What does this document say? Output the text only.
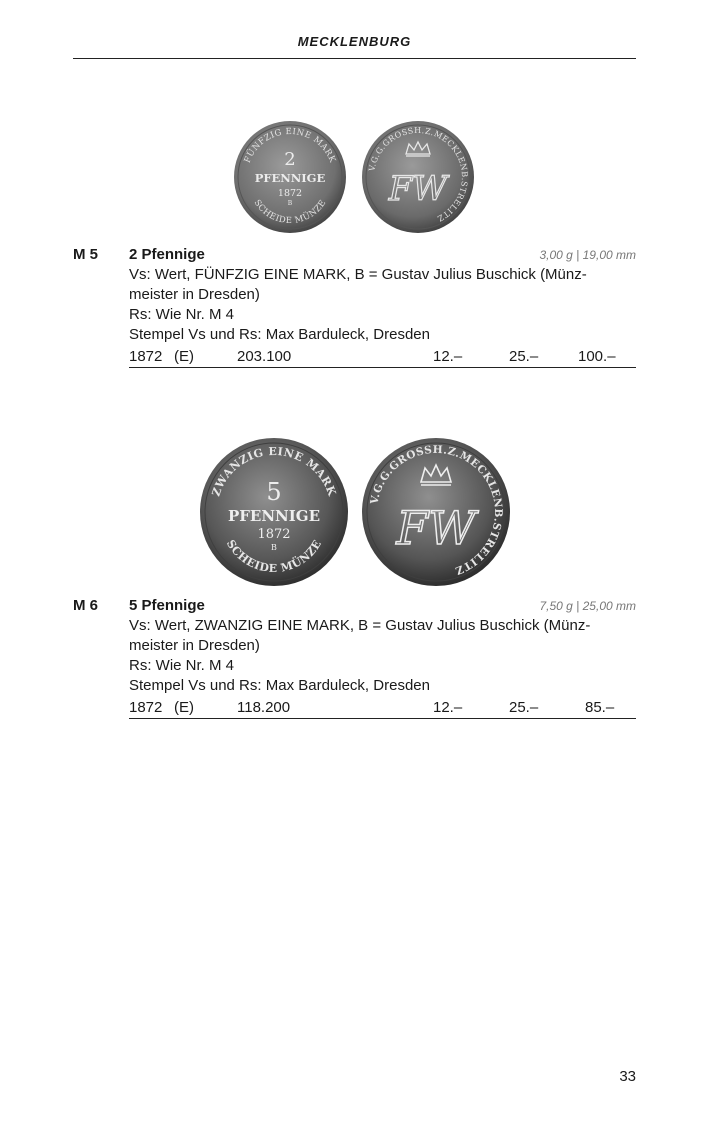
MECKLENBURG
FÜNFZIG EINE MARK
2
PFENNIGE
1872
B
SCHEIDE MÜNZE
V.G.G.GROSSH.Z.MECKLENB.STRELITZ
FW
M 5 2 Pfennige	3,00 g | 19,00 mm
Vs: Wert, FÜNFZIG EINE MARK, B = Gustav Julius Buschick (Münz-
meister in Dresden)
Rs: Wie Nr. M 4
Stempel Vs und Rs: Max Barduleck, Dresden
1872 (E)	203.100	12.–	25.–	100.–
ZWANZIG EINE MARK
5
PFENNIGE
1872
B
SCHEIDE MÜNZE
V.G.G.GROSSH.Z.MECKLENB.STRELITZ
FW
M 6 5 Pfennige	7,50 g | 25,00 mm
Vs: Wert, ZWANZIG EINE MARK, B = Gustav Julius Buschick (Münz-
meister in Dresden)
Rs: Wie Nr. M 4
Stempel Vs und Rs: Max Barduleck, Dresden
1872 (E)	118.200	12.–	25.–	85.–
33
